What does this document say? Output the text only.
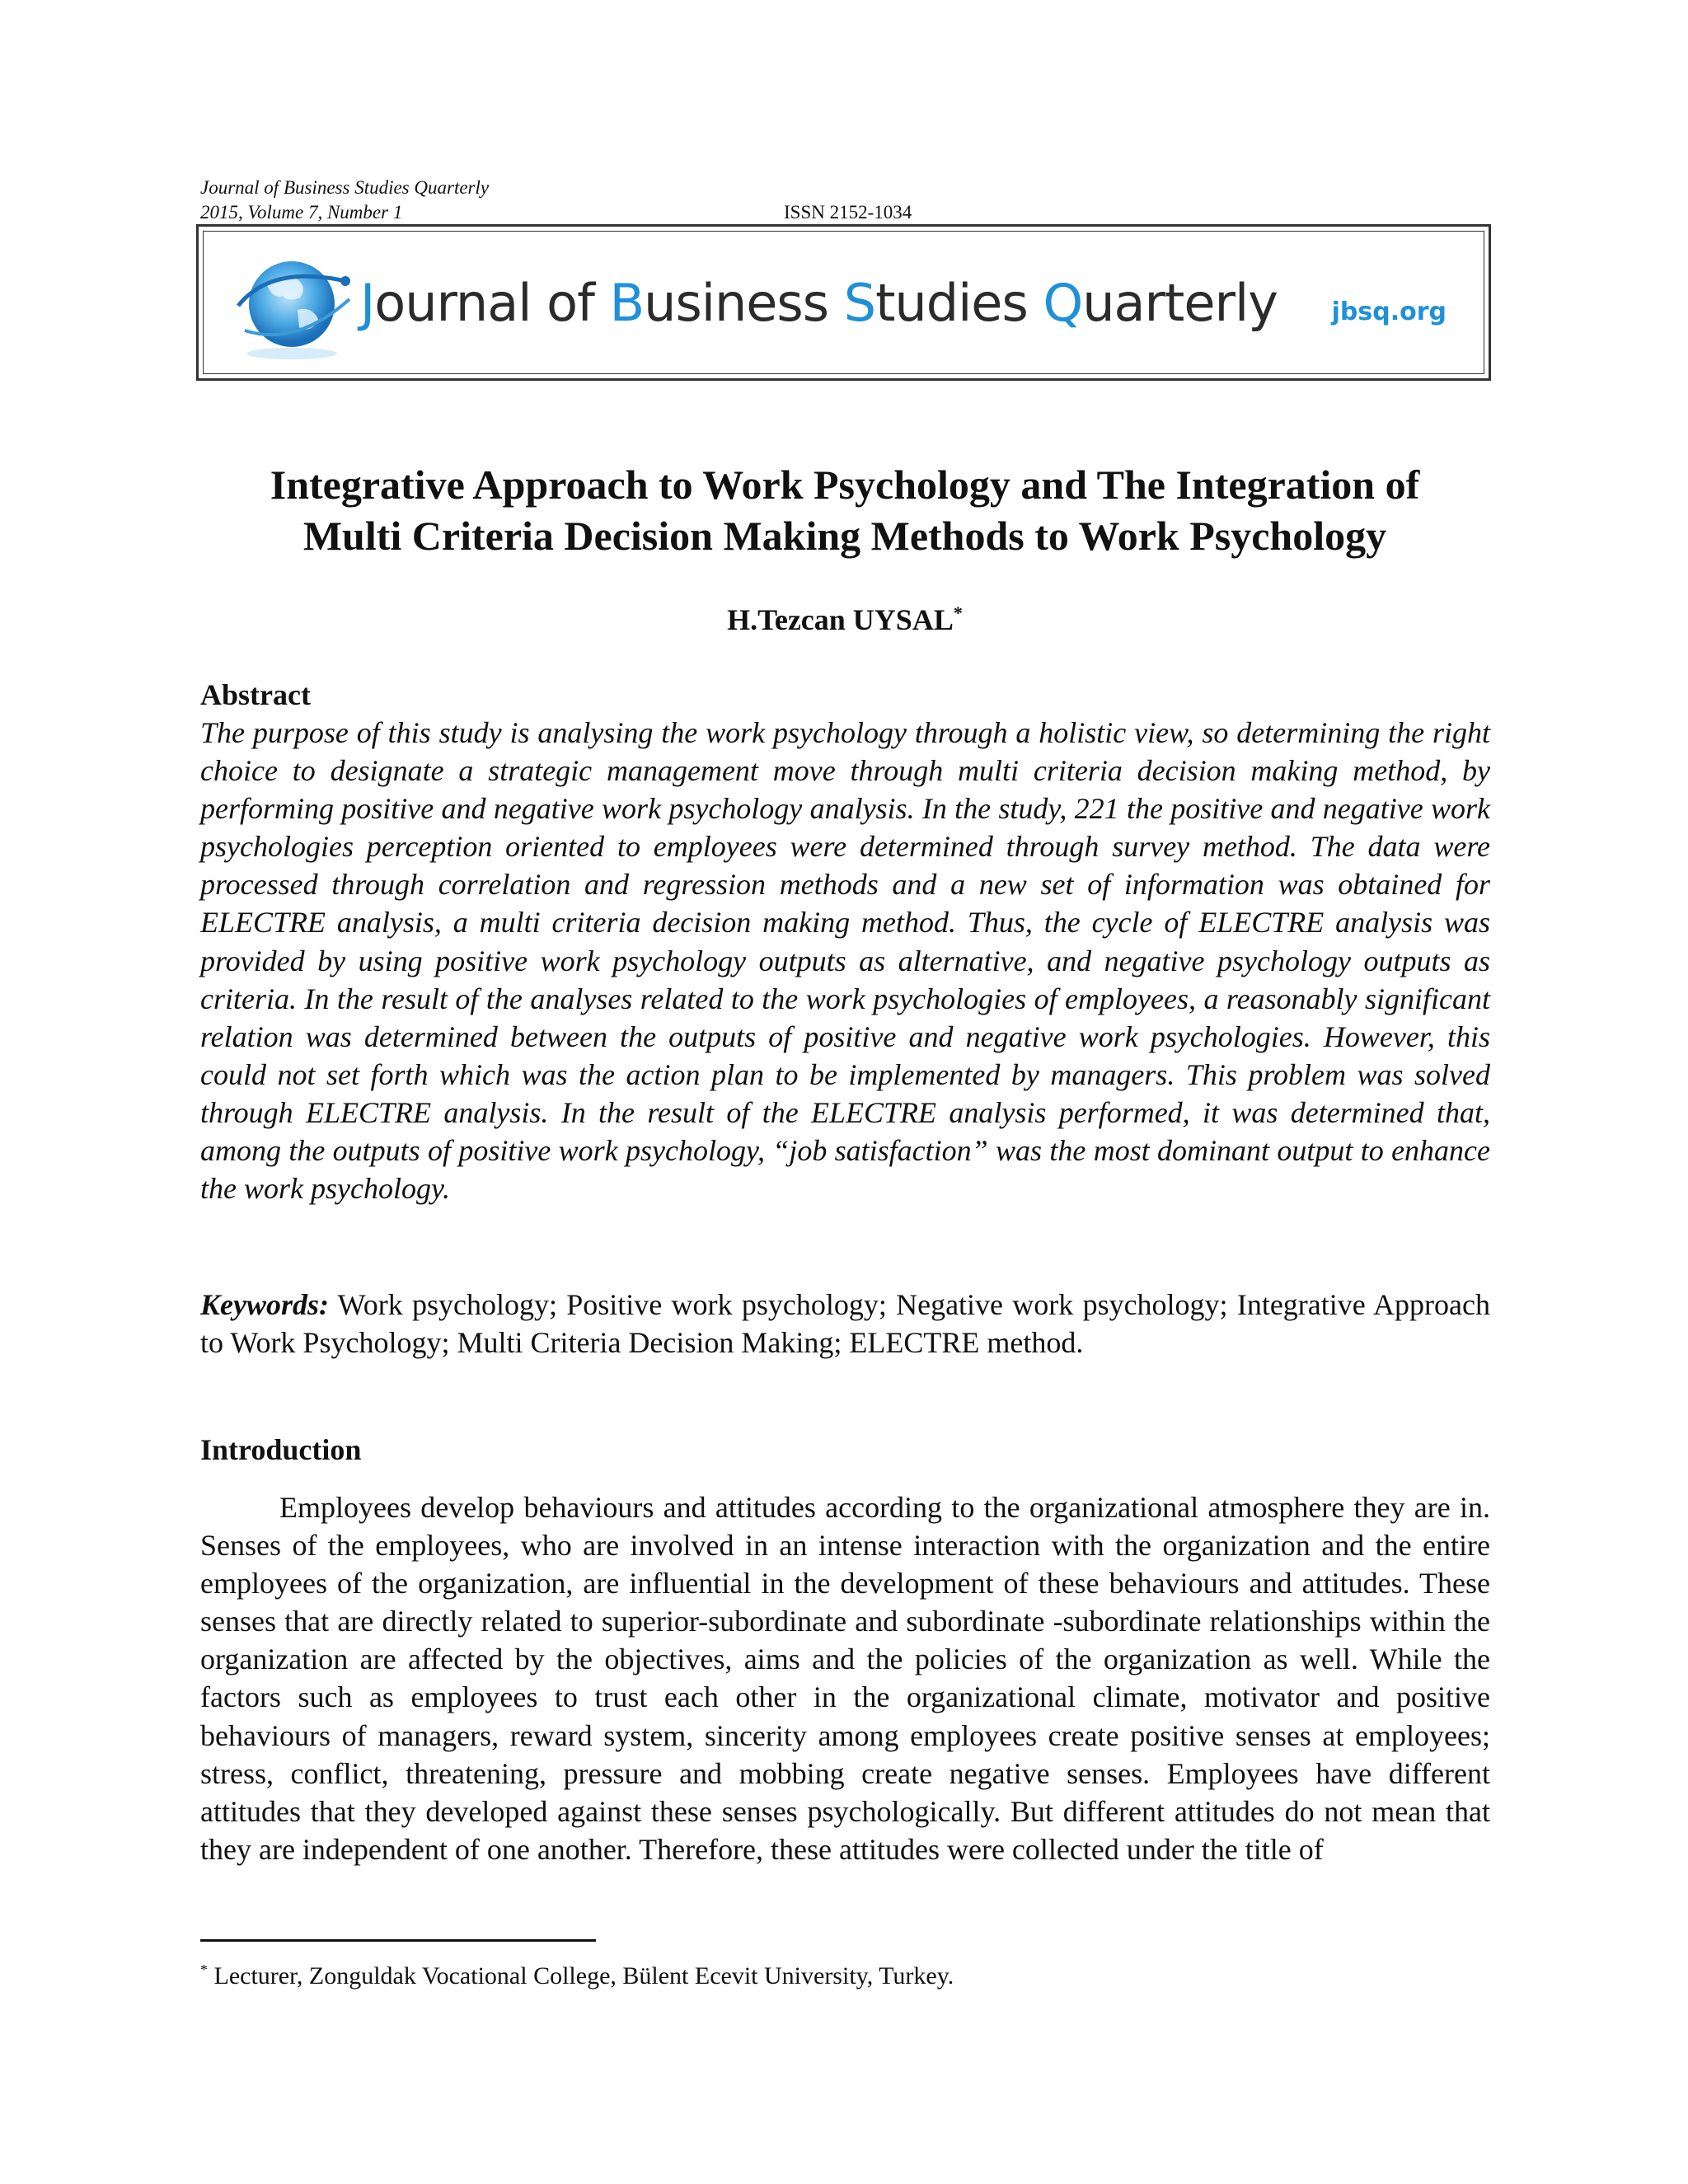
Journal of Business Studies Quarterly
2015, Volume 7, Number 1	ISSN 2152-1034
Journal of Business Studies Quarterly jbsq.org
Integrative Approach to Work Psychology and The Integration of
Multi Criteria Decision Making Methods to Work Psychology
H.Tezcan UYSAL*
Abstract
The purpose of this study is analysing the work psychology through a holistic view, so determining the right choice to designate a strategic management move through multi criteria decision making method, by performing positive and negative work psychology analysis. In the study, 221 the positive and negative work psychologies perception oriented to employees were determined through survey method. The data were processed through correlation and regression methods and a new set of information was obtained for ELECTRE analysis, a multi criteria decision making method. Thus, the cycle of ELECTRE analysis was provided by using positive work psychology outputs as alternative, and negative psychology outputs as criteria. In the result of the analyses related to the work psychologies of employees, a reasonably significant relation was determined between the outputs of positive and negative work psychologies. However, this could not set forth which was the action plan to be implemented by managers. This problem was solved through ELECTRE analysis. In the result of the ELECTRE analysis performed, it was determined that, among the outputs of positive work psychology, “job satisfaction” was the most dominant output to enhance the work psychology.
Keywords: Work psychology; Positive work psychology; Negative work psychology; Integrative Approach to Work Psychology; Multi Criteria Decision Making; ELECTRE method.
Introduction
Employees develop behaviours and attitudes according to the organizational atmosphere they are in. Senses of the employees, who are involved in an intense interaction with the organization and the entire employees of the organization, are influential in the development of these behaviours and attitudes. These senses that are directly related to superior-subordinate and subordinate -subordinate relationships within the organization are affected by the objectives, aims and the policies of the organization as well. While the factors such as employees to trust each other in the organizational climate, motivator and positive behaviours of managers, reward system, sincerity among employees create positive senses at employees; stress, conflict, threatening, pressure and mobbing create negative senses. Employees have different attitudes that they developed against these senses psychologically. But different attitudes do not mean that they are independent of one another. Therefore, these attitudes were collected under the title of
* Lecturer, Zonguldak Vocational College, Bülent Ecevit University, Turkey.
